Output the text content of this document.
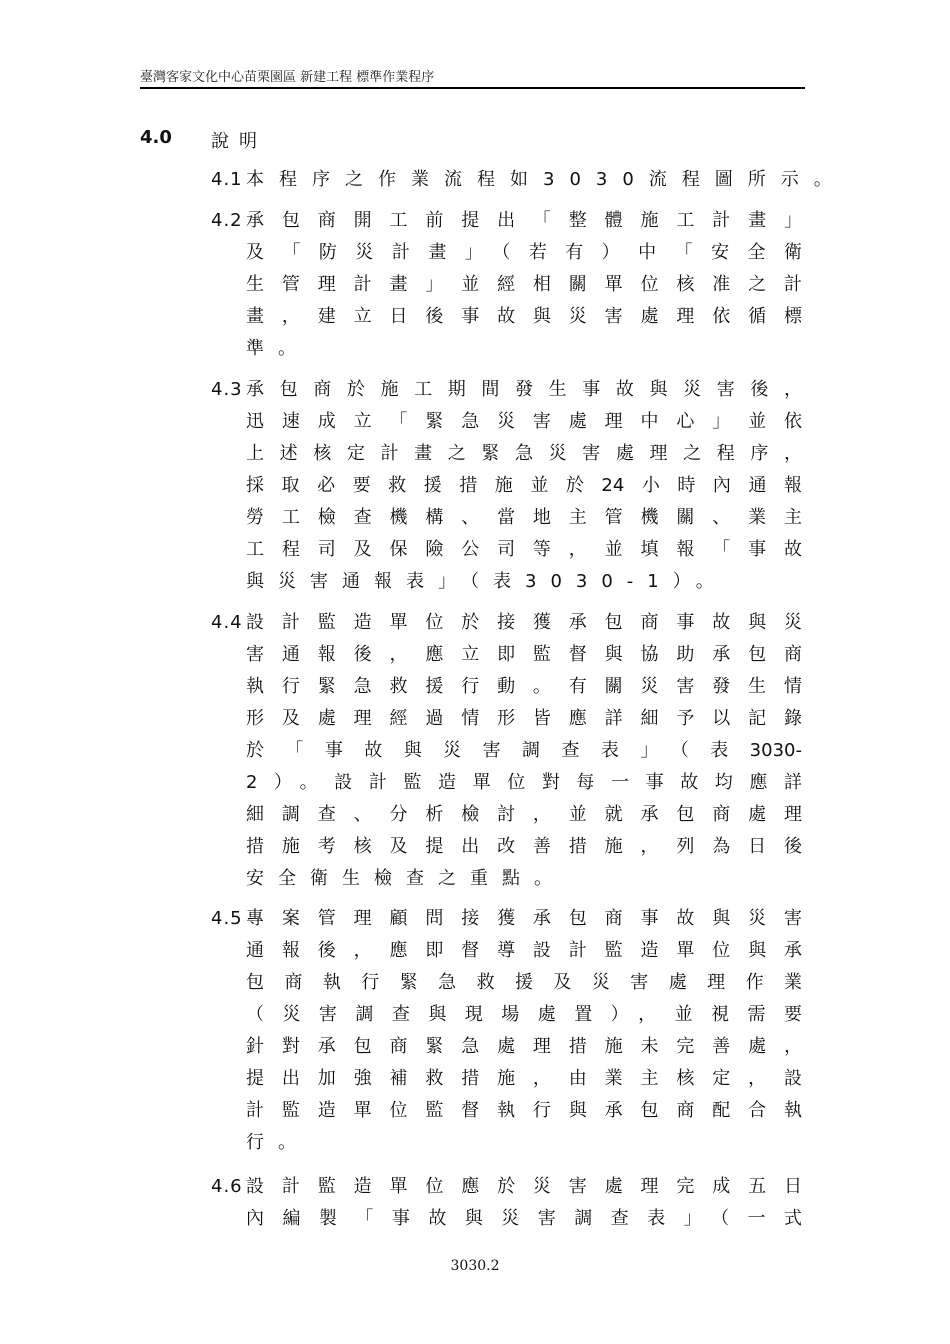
臺灣客家文化中心苗栗園區 新建工程 標準作業程序
4.0 說明
4.1 本程序之作業流程如3030流程圖所示。
4.2 承包商開工前提出「整體施工計畫」
及「防災計畫」（若有）中「安全衛
生管理計畫」並經相關單位核准之計
畫，建立日後事故與災害處理依循標
準。
4.3 承包商於施工期間發生事故與災害後，
迅速成立「緊急災害處理中心」並依
上述核定計畫之緊急災害處理之程序，
採取必要救援措施並於24小時內通報
勞工檢查機構、當地主管機關、業主
工程司及保險公司等，並填報「事故
與災害通報表」（表3030-1）。
4.4 設計監造單位於接獲承包商事故與災
害通報後，應立即監督與協助承包商
執行緊急救援行動。有關災害發生情
形及處理經過情形皆應詳細予以記錄
於「事故與災害調查表」（表3030-
2）。設計監造單位對每一事故均應詳
細調查、分析檢討，並就承包商處理
措施考核及提出改善措施，列為日後
安全衛生檢查之重點。
4.5 專案管理顧問接獲承包商事故與災害
通報後，應即督導設計監造單位與承
包商執行緊急救援及災害處理作業
（災害調查與現場處置），並視需要
針對承包商緊急處理措施未完善處，
提出加強補救措施，由業主核定，設
計監造單位監督執行與承包商配合執
行。
4.6 設計監造單位應於災害處理完成五日
內編製「事故與災害調查表」（一式
3030.2
